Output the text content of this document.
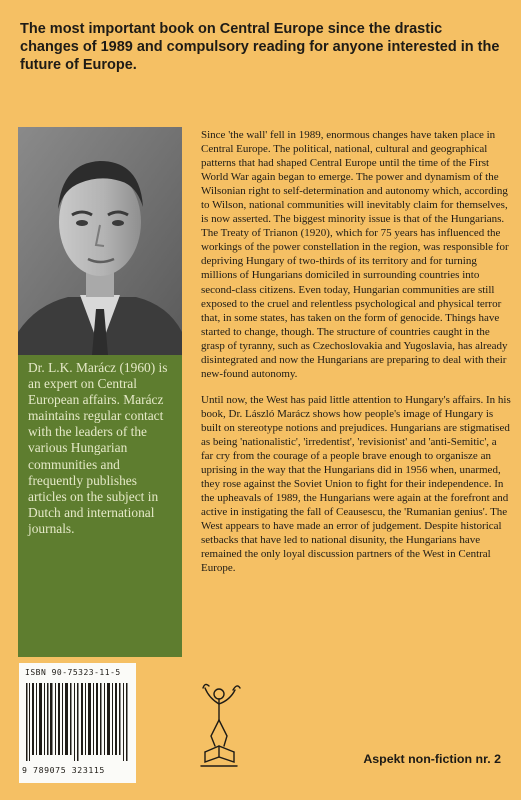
The most important book on Central Europe since the drastic changes of 1989 and compulsory reading for anyone interested in the future of Europe.
Dr. L.K. Marácz (1960) is an expert on Central European affairs. Marácz maintains regular contact with the leaders of the various Hungarian communities and frequently publishes articles on the subject in Dutch and international journals.

Since 'the wall' fell in 1989, enormous changes have taken place in Central Europe. The political, national, cultural and geographical patterns that had shaped Central Europe until the time of the First World War again began to emerge. The power and dynamism of the Wilsonian right to self-determination and autonomy which, according to Wilson, national communities will inevitably claim for themselves, is now asserted. The biggest minority issue is that of the Hungarians. The Treaty of Trianon (1920), which for 75 years has influenced the workings of the power constellation in the region, was responsible for depriving Hungary of two-thirds of its territory and for turning millions of Hungarians domiciled in surrounding countries into second-class citizens. Even today, Hungarian communities are still exposed to the cruel and relentless psychological and physical terror that, in some states, has taken on the form of genocide. Things have started to change, though. The structure of countries caught in the grasp of tyranny, such as Czechoslovakia and Yugoslavia, has already disintegrated and now the Hungarians are preparing to deal with their new-found autonomy.

Until now, the West has paid little attention to Hungary's affairs. In his book, Dr. László Marácz shows how people's image of Hungary is built on stereotype notions and prejudices. Hungarians are stigmatised as being 'nationalistic', 'irredentist', 'revisionist' and 'anti-Semitic', a far cry from the courage of a people brave enough to organisze an uprising in the way that the Hungarians did in 1956 when, unarmed, they rose against the Soviet Union to fight for their independence. In the upheavals of 1989, the Hungarians were again at the forefront and active in instigating the fall of Ceausescu, the 'Rumanian genius'. The West appears to have made an error of judgement. Despite historical setbacks that have led to national disunity, the Hungarians have remained the only loyal discussion partners of the West in Central Europe.

ISBN 90-75323-11-5
9 789075 323115
Aspekt non-fiction nr. 2
